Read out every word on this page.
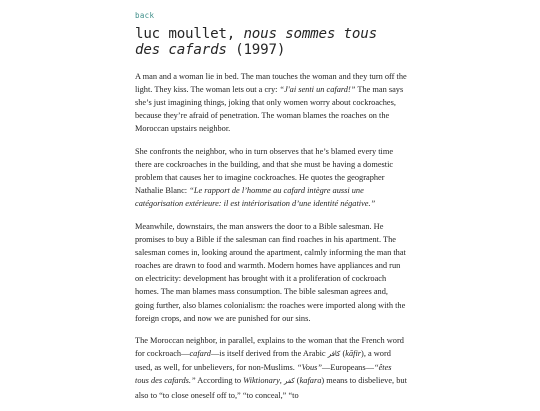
back
luc moullet, nous sommes tous des cafards (1997)

A man and a woman lie in bed. The man touches the woman and they turn off the light. They kiss. The woman lets out a cry: “J'ai senti un cafard!” The man says she’s just imagining things, joking that only women worry about cockroaches, because they’re afraid of penetration. The woman blames the roaches on the Moroccan upstairs neighbor.

She confronts the neighbor, who in turn observes that he’s blamed every time there are cockroaches in the building, and that she must be having a domestic problem that causes her to imagine cockroaches. He quotes the geographer Nathalie Blanc: “Le rapport de l’homme au cafard intègre aussi une catégorisation extérieure: il est intériorisation d’une identité négative.”

Meanwhile, downstairs, the man answers the door to a Bible salesman. He promises to buy a Bible if the salesman can find roaches in his apartment. The salesman comes in, looking around the apartment, calmly informing the man that roaches are drawn to food and warmth. Modern homes have appliances and run on electricity: development has brought with it a proliferation of cockroach homes. The man blames mass consumption. The bible salesman agrees and, going further, also blames colonialism: the roaches were imported along with the foreign crops, and now we are punished for our sins.

The Moroccan neighbor, in parallel, explains to the woman that the French word for cockroach—cafard—is itself derived from the Arabic كافر (kāfir), a word used, as well, for unbelievers, for non-Muslims. “Vous”—Europeans—“êtes tous des cafards.” According to Wiktionary, كفر (kafara) means to disbelieve, but also to “to close oneself off to,” “to conceal,” “to
